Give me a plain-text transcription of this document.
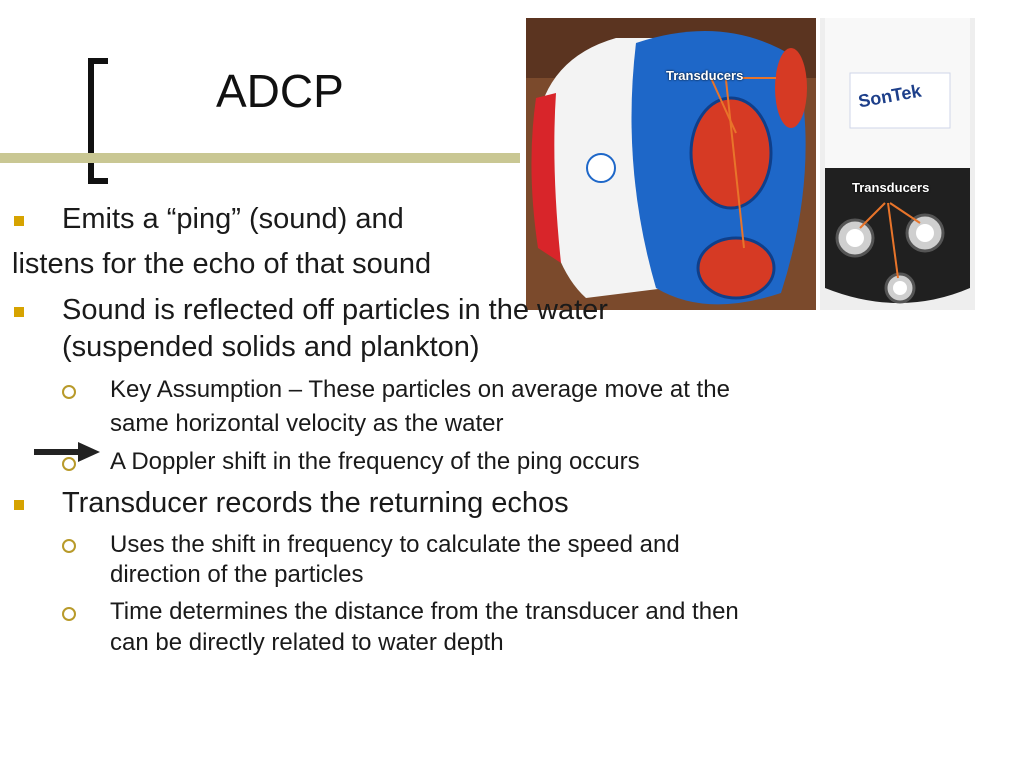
ADCP	Transducers
SonTek
Transducers
Emits a “ping” (sound) and
listens for the echo of that sound
Sound is reflected off particles in the water
(suspended solids and plankton)
Key Assumption – These particles on average move at the
same horizontal velocity as the water
A Doppler shift in the frequency of the ping occurs
Transducer records the returning echos
Uses the shift in frequency to calculate the speed and
direction of the particles
Time determines the distance from the transducer and then
can be directly related to water depth
